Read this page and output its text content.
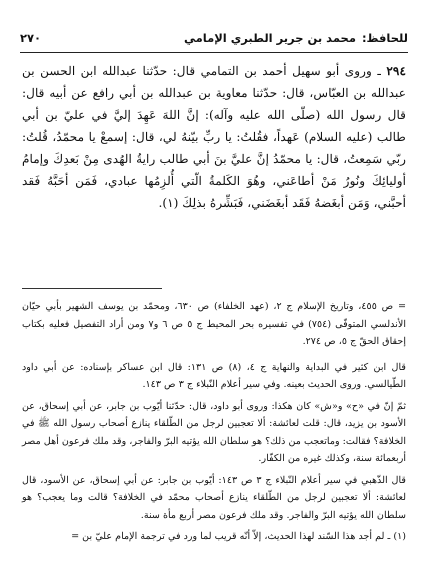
للحافظ:
محمد بن جرير الطبري الإمامي
۲۷۰

۲۹٤ ـ وروى أبو سهيل أحمد بن التمامي قال: حدّثنا عبدالله ابن الحسن بن عبدالله بن العبّاس، قال: حدّثنا معاوية بن عبدالله بن أبي رافع عن أبيه قال: قال رسول الله (صلّى الله عليه وآله): إنَّ اللهَ عَهِدَ إليَّ في عليّ بن أبي طالب (عليه السلام) عَهداً، فقُلتُ: يا ربِّ بيّنهُ لي، قال: إسمعْ يا محمّدُ، قُلتُ: ربّي سَمِعتُ، قال: يا محمّدُ إنَّ عليَّ بنَ أبي طالب رايةُ الهُدى مِنْ بَعدِكَ وإمامُ أوليائِكَ ونُورُ مَنْ أطاعَني، وهُوَ الكَلمةُ الّتي أُلزِمُها عبادي، فَمَن أحَبَّهُ فَقد أحبَّني، وَمَن أبغَضهُ فَقَد أبغَضَني، فَبَشِّرهُ بذلِكَ (١).

= ص ٤٥٥، وتاريخ الإسلام ج ٢، (عهد الخلفاء) ص ٦٣٠، ومحمّد بن يوسف الشهير بأبي حيّان الأندلسي المتوفّى (٧٥٤) في تفسيره بحر المحيط ج ٥ ص ٦ و٧ ومن أراد التفصيل فعليه بكتاب إحقاق الحقّ ج ٥، ص ٢٧٤.

قال ابن كثير في البداية والنهاية ج ٤، (٨) ص ١٣١: قال ابن عساكر بإسناده: عن أبي داود الطّيالسي. وروى الحديث بعينه. وفي سير أعلام النّبلاء ج ٣ ص ١٤٣.

ثمّ إنّ في «ح» و«ش» كان هكذا: وروى أبو داود، قال: حدّثنا أيّوب بن جابر، عن أبي إسحاق، عن الأسود بن يزيد، قال: قلت لعائشة: ألا تعجبين لرجل من الطّلقاء ينازع أصحاب رسول الله ﷺ في الخلافة؟ فقالت: وماتعجب من ذلك؟ هو سلطان الله يؤتيه البرّ والفاجر، وقد ملك فرعون أهل مصر أربعمائة سنة، وكذلك غيره من الكفّار.

قال الذّهبي في سير أعلام النّبلاء ج ٣ ص ١٤٣: أيّوب بن جابر: عن أبي إسحاق، عن الأسود، قال لعائشة: ألا تعجبين لرجل من الطّلقاء ينازع أصحاب محمّد في الخلافة؟ قالت وما يعجب؟ هو سلطان الله يؤتيه البرّ والفاجر. وقد ملك فرعون مصر أربع مأة سنة.

(١) ـ لم أجد هذا السّند لهذا الحديث، إلاّ أنّه قريب لما ورد في ترجمة الإمام عليّ بن =
